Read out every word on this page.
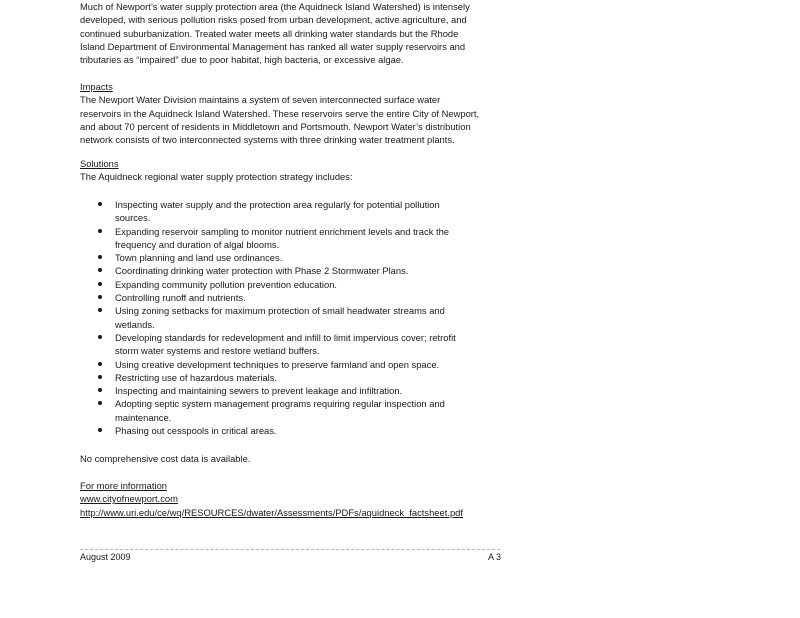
Much of Newport’s water supply protection area (the Aquidneck Island Watershed) is intensely
developed, with serious pollution risks posed from urban development, active agriculture, and
continued suburbanization. Treated water meets all drinking water standards but the Rhode
Island Department of Environmental Management has ranked all water supply reservoirs and
tributaries as “impaired” due to poor habitat, high bacteria, or excessive algae.
Impacts
The Newport Water Division maintains a system of seven interconnected surface water
reservoirs in the Aquidneck Island Watershed. These reservoirs serve the entire City of Newport,
and about 70 percent of residents in Middletown and Portsmouth. Newport Water’s distribution
network consists of two interconnected systems with three drinking water treatment plants.
Solutions
The Aquidneck regional water supply protection strategy includes:
Inspecting water supply and the protection area regularly for potential pollution
sources.
Expanding reservoir sampling to monitor nutrient enrichment levels and track the
frequency and duration of algal blooms.
Town planning and land use ordinances.
Coordinating drinking water protection with Phase 2 Stormwater Plans.
Expanding community pollution prevention education.
Controlling runoff and nutrients.
Using zoning setbacks for maximum protection of small headwater streams and
wetlands.
Developing standards for redevelopment and infill to limit impervious cover; retrofit
storm water systems and restore wetland buffers.
Using creative development techniques to preserve farmland and open space.
Restricting use of hazardous materials.
Inspecting and maintaining sewers to prevent leakage and infiltration.
Adopting septic system management programs requiring regular inspection and
maintenance.
Phasing out cesspools in critical areas.
No comprehensive cost data is available.
For more information
www.cityofnewport.com
http://www.uri.edu/ce/wq/RESOURCES/dwater/Assessments/PDFs/aquidneck_factsheet.pdf
August 2009	A 3
